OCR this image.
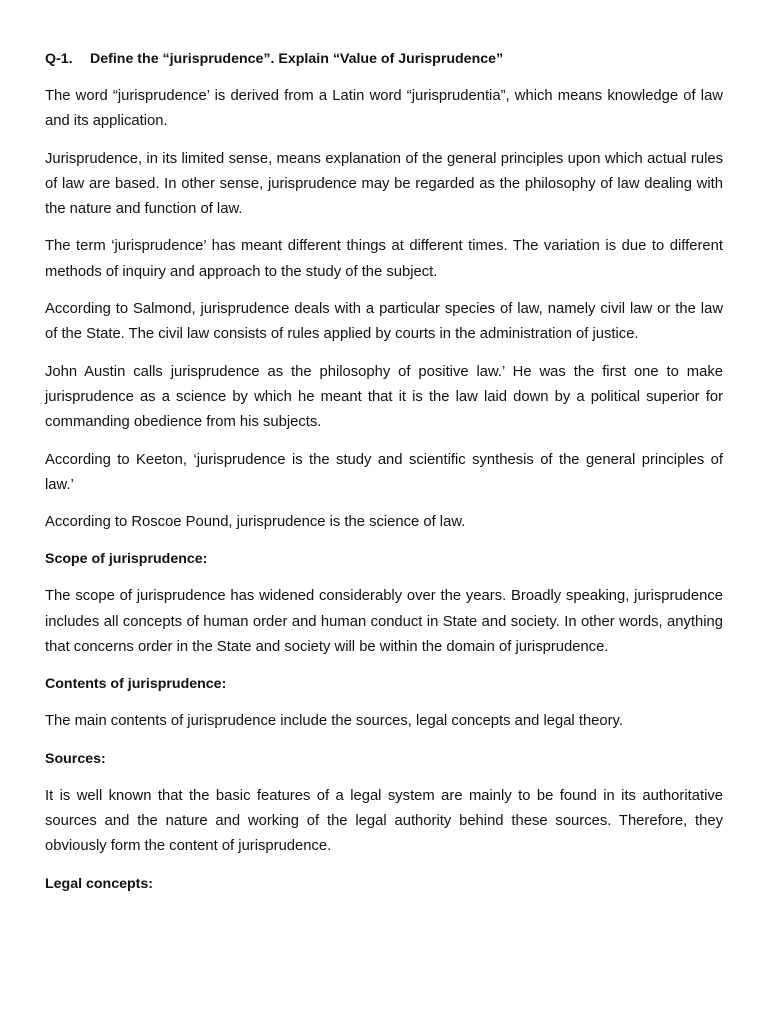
Q-1. Define the “jurisprudence”. Explain “Value of Jurisprudence”

The word “jurisprudence’ is derived from a Latin word “jurisprudentia”, which means knowledge of law and its application.

Jurisprudence, in its limited sense, means explanation of the general principles upon which actual rules of law are based. In other sense, jurisprudence may be regarded as the philosophy of law dealing with the nature and function of law.

The term ‘jurisprudence’ has meant different things at different times. The variation is due to different methods of inquiry and approach to the study of the subject.

According to Salmond, jurisprudence deals with a particular species of law, namely civil law or the law of the State. The civil law consists of rules applied by courts in the administration of justice.

John Austin calls jurisprudence as the philosophy of positive law.’ He was the first one to make jurisprudence as a science by which he meant that it is the law laid down by a political superior for commanding obedience from his subjects.

According to Keeton, ‘jurisprudence is the study and scientific synthesis of the general principles of law.’

According to Roscoe Pound, jurisprudence is the science of law.

Scope of jurisprudence:

The scope of jurisprudence has widened considerably over the years. Broadly speaking, jurisprudence includes all concepts of human order and human conduct in State and society. In other words, anything that concerns order in the State and society will be within the domain of jurisprudence.

Contents of jurisprudence:

The main contents of jurisprudence include the sources, legal concepts and legal theory.

Sources:

It is well known that the basic features of a legal system are mainly to be found in its authoritative sources and the nature and working of the legal authority behind these sources. Therefore, they obviously form the content of jurisprudence.

Legal concepts:
